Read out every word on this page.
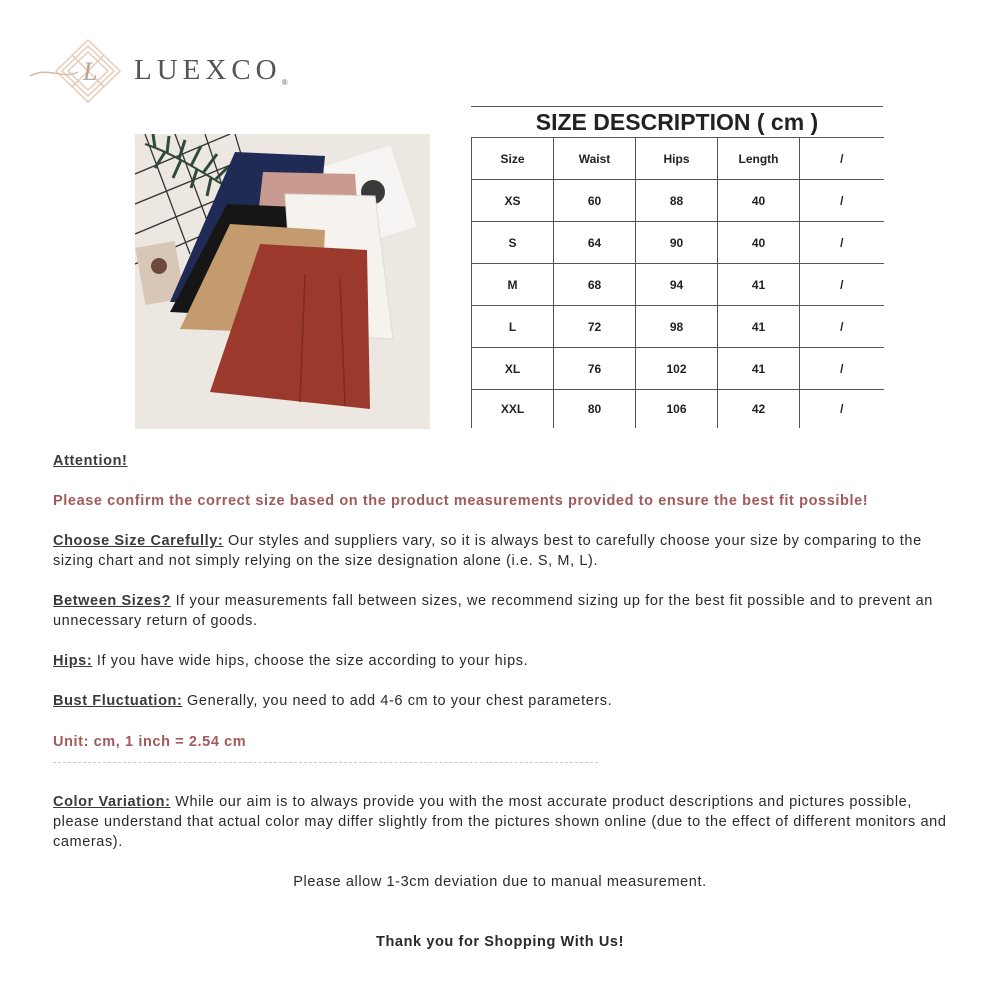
L LUEXCO®
SIZE DESCRIPTION ( cm )
Size	Waist	Hips	Length	/
XS	60	88	40	/
S	64	90	40	/
M	68	94	41	/
L	72	98	41	/
XL	76	102	41	/
XXL	80	106	42	/
Attention!
Please confirm the correct size based on the product measurements provided to ensure the best fit possible!
Choose Size Carefully: Our styles and suppliers vary, so it is always best to carefully choose your size by comparing to the sizing chart and not simply relying on the size designation alone (i.e. S, M, L).
Between Sizes? If your measurements fall between sizes, we recommend sizing up for the best fit possible and to prevent an unnecessary return of goods.
Hips: If you have wide hips, choose the size according to your hips.
Bust Fluctuation: Generally, you need to add 4-6 cm to your chest parameters.
Unit: cm, 1 inch = 2.54 cm
Color Variation: While our aim is to always provide you with the most accurate product descriptions and pictures possible, please understand that actual color may differ slightly from the pictures shown online (due to the effect of different monitors and cameras).
Please allow 1-3cm deviation due to manual measurement.
Thank you for Shopping With Us!
